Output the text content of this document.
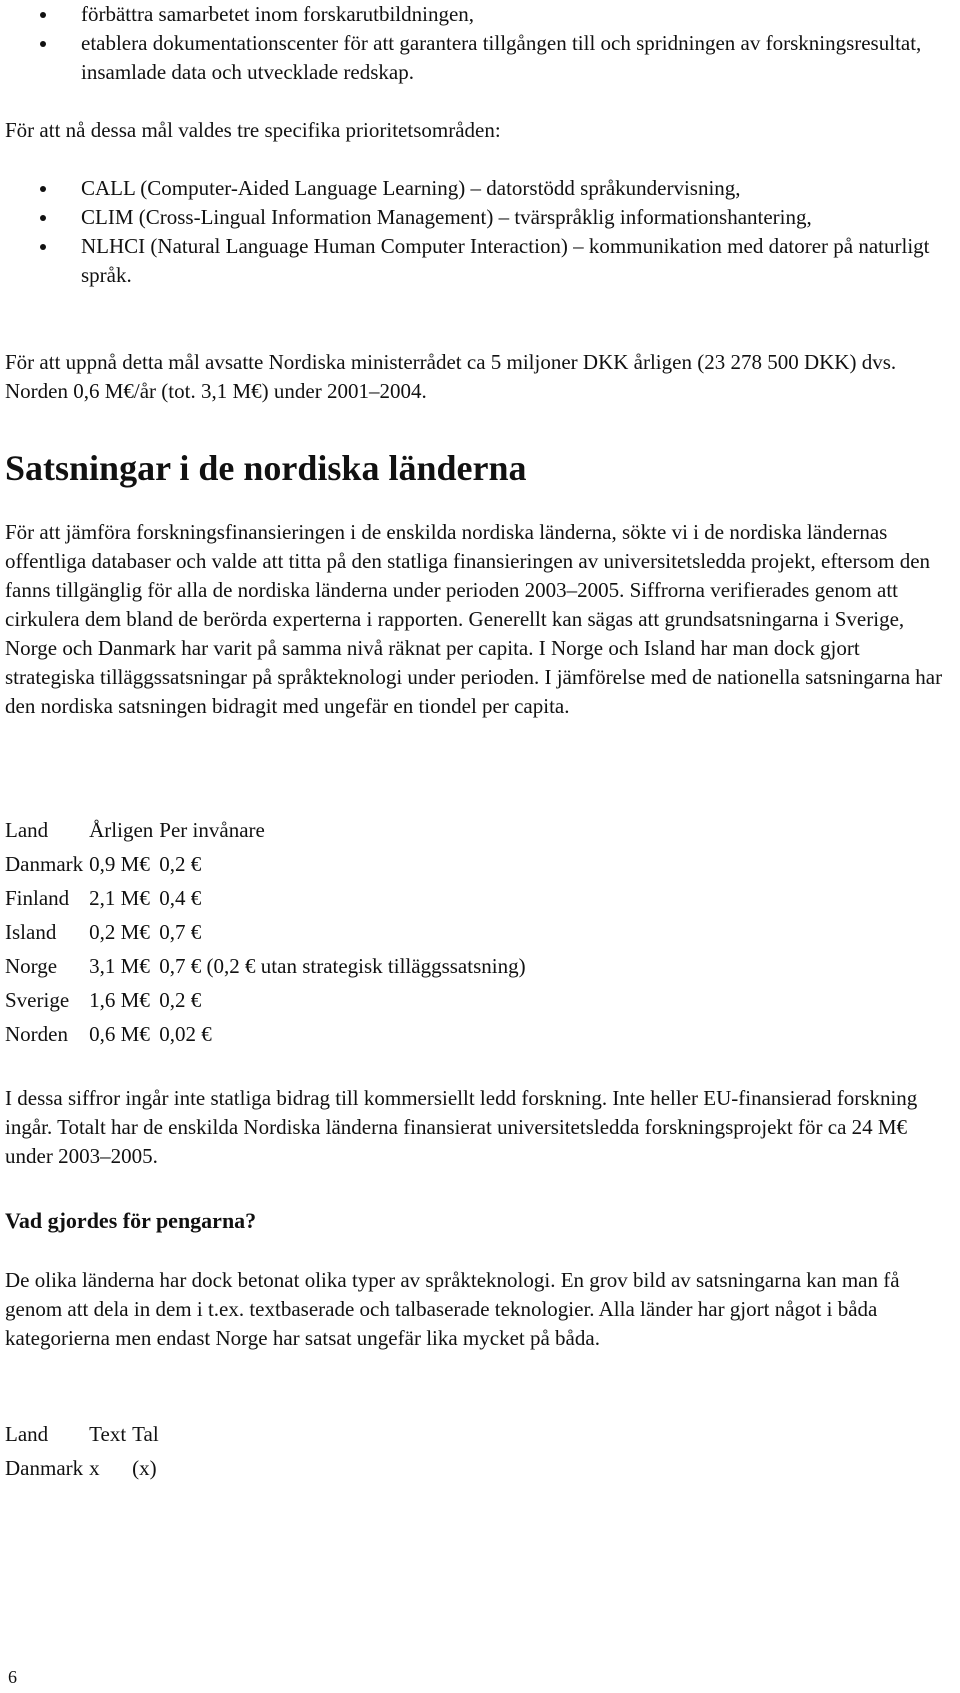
förbättra samarbetet inom forskarutbildningen,
etablera dokumentationscenter för att garantera tillgången till och spridningen av forskningsresultat, insamlade data och utvecklade redskap.

För att nå dessa mål valdes tre specifika prioritetsområden:

CALL (Computer-Aided Language Learning) – datorstödd språkundervisning,
CLIM (Cross-Lingual Information Management) – tvärspråklig informationshantering,
NLHCI (Natural Language Human Computer Interaction) – kommunikation med datorer på naturligt språk.

För att uppnå detta mål avsatte Nordiska ministerrådet ca 5 miljoner DKK årligen (23 278 500 DKK) dvs. Norden 0,6 M€/år (tot. 3,1 M€) under 2001–2004.

Satsningar i de nordiska länderna

För att jämföra forskningsfinansieringen i de enskilda nordiska länderna, sökte vi i de nordiska ländernas offentliga databaser och valde att titta på den statliga finansieringen av universitetsledda projekt, eftersom den fanns tillgänglig för alla de nordiska länderna under perioden 2003–2005. Siffrorna verifierades genom att cirkulera dem bland de berörda experterna i rapporten. Generellt kan sägas att grundsatsningarna i Sverige, Norge och Danmark har varit på samma nivå räknat per capita. I Norge och Island har man dock gjort strategiska tilläggssatsningar på språkteknologi under perioden. I jämförelse med de nationella satsningarna har den nordiska satsningen bidragit med ungefär en tiondel per capita.

Land	Årligen	Per invånare
Danmark	0,9 M€	0,2 €
Finland	2,1 M€	0,4 €
Island	0,2 M€	0,7 €
Norge	3,1 M€	0,7 € (0,2 € utan strategisk tilläggssatsning)
Sverige	1,6 M€	0,2 €
Norden	0,6 M€	0,02 €

I dessa siffror ingår inte statliga bidrag till kommersiellt ledd forskning. Inte heller EU-finansierad forskning ingår. Totalt har de enskilda Nordiska länderna finansierat universitetsledda forskningsprojekt för ca 24 M€ under 2003–2005.

Vad gjordes för pengarna?

De olika länderna har dock betonat olika typer av språkteknologi. En grov bild av satsningarna kan man få genom att dela in dem i t.ex. textbaserade och talbaserade teknologier. Alla länder har gjort något i båda kategorierna men endast Norge har satsat ungefär lika mycket på båda.

Land	Text	Tal
Danmark	x	(x)
6
